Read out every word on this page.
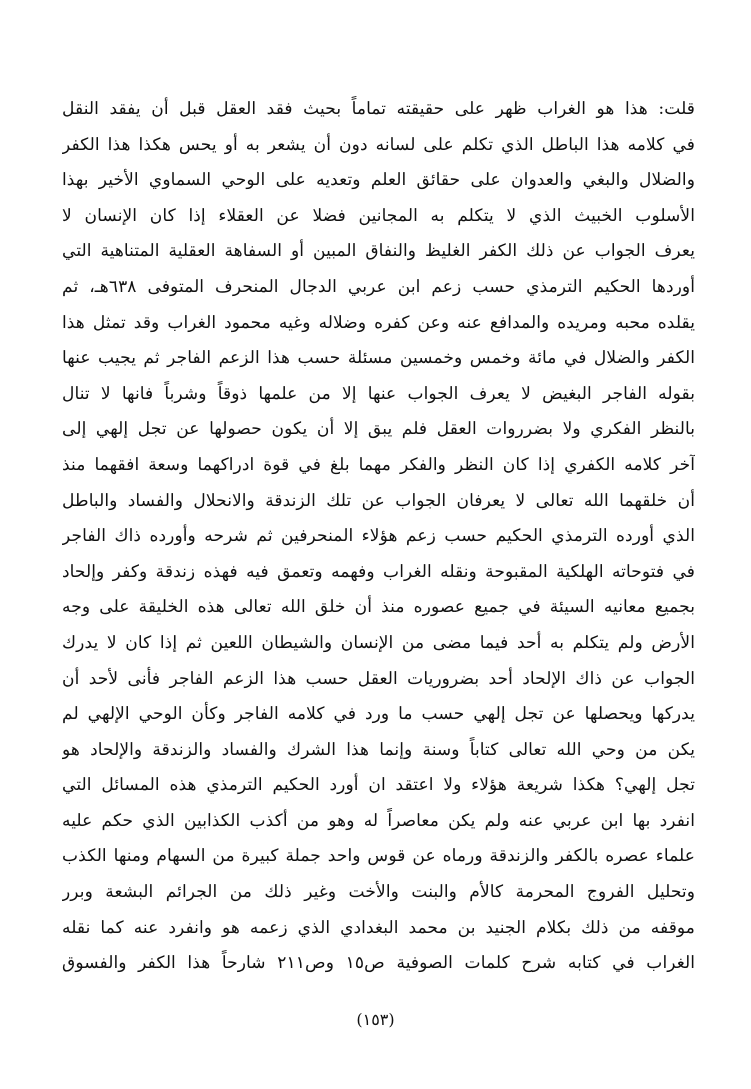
قلت: هذا هو الغراب ظهر على حقيقته تماماً بحيث فقد العقل قبل أن يفقد النقل
في كلامه هذا الباطل الذي تكلم على لسانه دون أن يشعر به أو يحس هكذا هذا الكفر
والضلال والبغي والعدوان على حقائق العلم وتعديه على الوحي السماوي الأخير بهذا
الأسلوب الخبيث الذي لا يتكلم به المجانين فضلا عن العقلاء إذا كان الإنسان لا
يعرف الجواب عن ذلك الكفر الغليظ والنفاق المبين أو السفاهة العقلية المتناهية التي
أوردها الحكيم الترمذي حسب زعم ابن عربي الدجال المنحرف المتوفى ٦٣٨هـ، ثم
يقلده محبه ومريده والمدافع عنه وعن كفره وضلاله وغيه محمود الغراب وقد تمثل هذا
الكفر والضلال في مائة وخمس وخمسين مسئلة حسب هذا الزعم الفاجر ثم يجيب عنها
بقوله الفاجر البغيض لا يعرف الجواب عنها إلا من علمها ذوقاً وشرباً فانها لا تنال
بالنظر الفكري ولا بضرروات العقل فلم يبق إلا أن يكون حصولها عن تجل إلهي إلى
آخر كلامه الكفري إذا كان النظر والفكر مهما بلغ في قوة ادراكهما وسعة افقهما منذ
أن خلقهما الله تعالى لا يعرفان الجواب عن تلك الزندقة والانحلال والفساد والباطل
الذي أورده الترمذي الحكيم حسب زعم هؤلاء المنحرفين ثم شرحه وأورده ذاك الفاجر
في فتوحاته الهلكية المقبوحة ونقله الغراب وفهمه وتعمق فيه فهذه زندقة وكفر وإلحاد
بجميع معانيه السيئة في جميع عصوره منذ أن خلق الله تعالى هذه الخليقة على وجه
الأرض ولم يتكلم به أحد فيما مضى من الإنسان والشيطان اللعين ثم إذا كان لا يدرك
الجواب عن ذاك الإلحاد أحد بضروريات العقل حسب هذا الزعم الفاجر فأنى لأحد أن
يدركها ويحصلها عن تجل إلهي حسب ما ورد في كلامه الفاجر وكأن الوحي الإلهي لم
يكن من وحي الله تعالى كتاباً وسنة وإنما هذا الشرك والفساد والزندقة والإلحاد هو
تجل إلهي؟ هكذا شريعة هؤلاء ولا اعتقد ان أورد الحكيم الترمذي هذه المسائل التي
انفرد بها ابن عربي عنه ولم يكن معاصراً له وهو من أكذب الكذابين الذي حكم عليه
علماء عصره بالكفر والزندقة ورماه عن قوس واحد جملة كبيرة من السهام ومنها الكذب
وتحليل الفروج المحرمة كالأم والبنت والأخت وغير ذلك من الجرائم البشعة وبرر
موقفه من ذلك بكلام الجنيد بن محمد البغدادي الذي زعمه هو وانفرد عنه كما نقله
الغراب في كتابه شرح كلمات الصوفية ص١٥ وص٢١١ شارحاً هذا الكفر والفسوق
(١٥٣)
